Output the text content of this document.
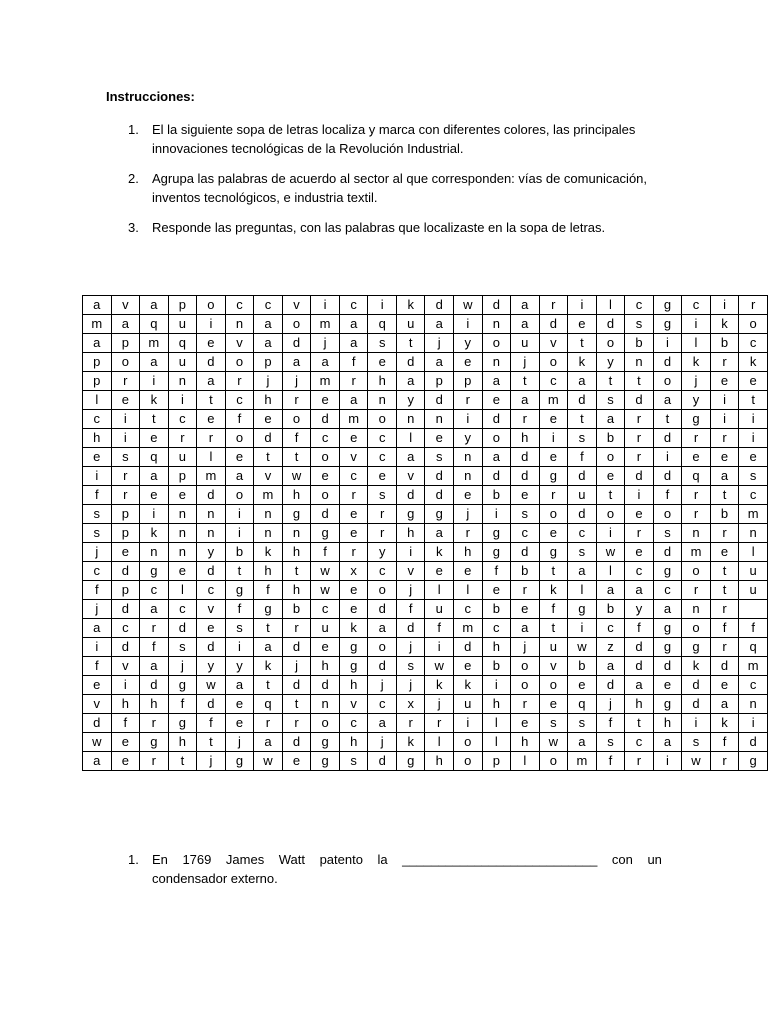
Instrucciones:
1. El la siguiente sopa de letras localiza y marca con diferentes colores, las principales innovaciones tecnológicas de la Revolución Industrial.
2. Agrupa las palabras de acuerdo al sector al que corresponden: vías de comunicación, inventos tecnológicos, e industria textil.
3. Responde las preguntas, con las palabras que localizaste en la sopa de letras.
a	v	a	p	o	c	c	v	i	c	i	k	d	w	d	a	r	i	l	c	g	c	i	r
m	a	q	u	i	n	a	o	m	a	q	u	a	i	n	a	d	e	d	s	g	i	k	o
a	p	m	q	e	v	a	d	j	a	s	t	j	y	o	u	v	t	o	b	i	l	b	c
p	o	a	u	d	o	p	a	a	f	e	d	a	e	n	j	o	k	y	n	d	k	r	k
p	r	i	n	a	r	j	j	m	r	h	a	p	p	a	t	c	a	t	t	o	j	e	e
l	e	k	i	t	c	h	r	e	a	n	y	d	r	e	a	m	d	s	d	a	y	i	t
c	i	t	c	e	f	e	o	d	m	o	n	n	i	d	r	e	t	a	r	t	g	i	i
h	i	e	r	r	o	d	f	c	e	c	l	e	y	o	h	i	s	b	r	d	r	r	i
e	s	q	u	l	e	t	t	o	v	c	a	s	n	a	d	e	f	o	r	i	e	e	e
i	r	a	p	m	a	v	w	e	c	e	v	d	n	d	d	g	d	e	d	d	q	a	s
f	r	e	e	d	o	m	h	o	r	s	d	d	e	b	e	r	u	t	i	f	r	t	c
s	p	i	n	n	i	n	g	d	e	r	g	g	j	i	s	o	d	o	e	o	r	b	m
s	p	k	n	n	i	n	n	g	e	r	h	a	r	g	c	e	c	i	r	s	n	r	n
j	e	n	n	y	b	k	h	f	r	y	i	k	h	g	d	g	s	w	e	d	m	e	l
c	d	g	e	d	t	h	t	w	x	c	v	e	e	f	b	t	a	l	c	g	o	t	u
f	p	c	l	c	g	f	h	w	e	o	j	l	l	e	r	k	l	a	a	c	r	t	u
j	d	a	c	v	f	g	b	c	e	d	f	u	c	b	e	f	g	b	y	a	n	r	
a	c	r	d	e	s	t	r	u	k	a	d	f	m	c	a	t	i	c	f	g	o	f	f
i	d	f	s	d	i	a	d	e	g	o	j	i	d	h	j	u	w	z	d	g	g	r	q
f	v	a	j	y	y	k	j	h	g	d	s	w	e	b	o	v	b	a	d	d	k	d	m
e	i	d	g	w	a	t	d	d	h	j	j	k	k	i	o	o	e	d	a	e	d	e	c
v	h	h	f	d	e	q	t	n	v	c	x	j	u	h	r	e	q	j	h	g	d	a	n
d	f	r	g	f	e	r	r	o	c	a	r	r	i	l	e	s	s	f	t	h	i	k	i
w	e	g	h	t	j	a	d	g	h	j	k	l	o	l	h	w	a	s	c	a	s	f	d
a	e	r	t	j	g	w	e	g	s	d	g	h	o	p	l	o	m	f	r	i	w	r	g
1. En 1769 James Watt patento la ___________________________ con un
condensador externo.
